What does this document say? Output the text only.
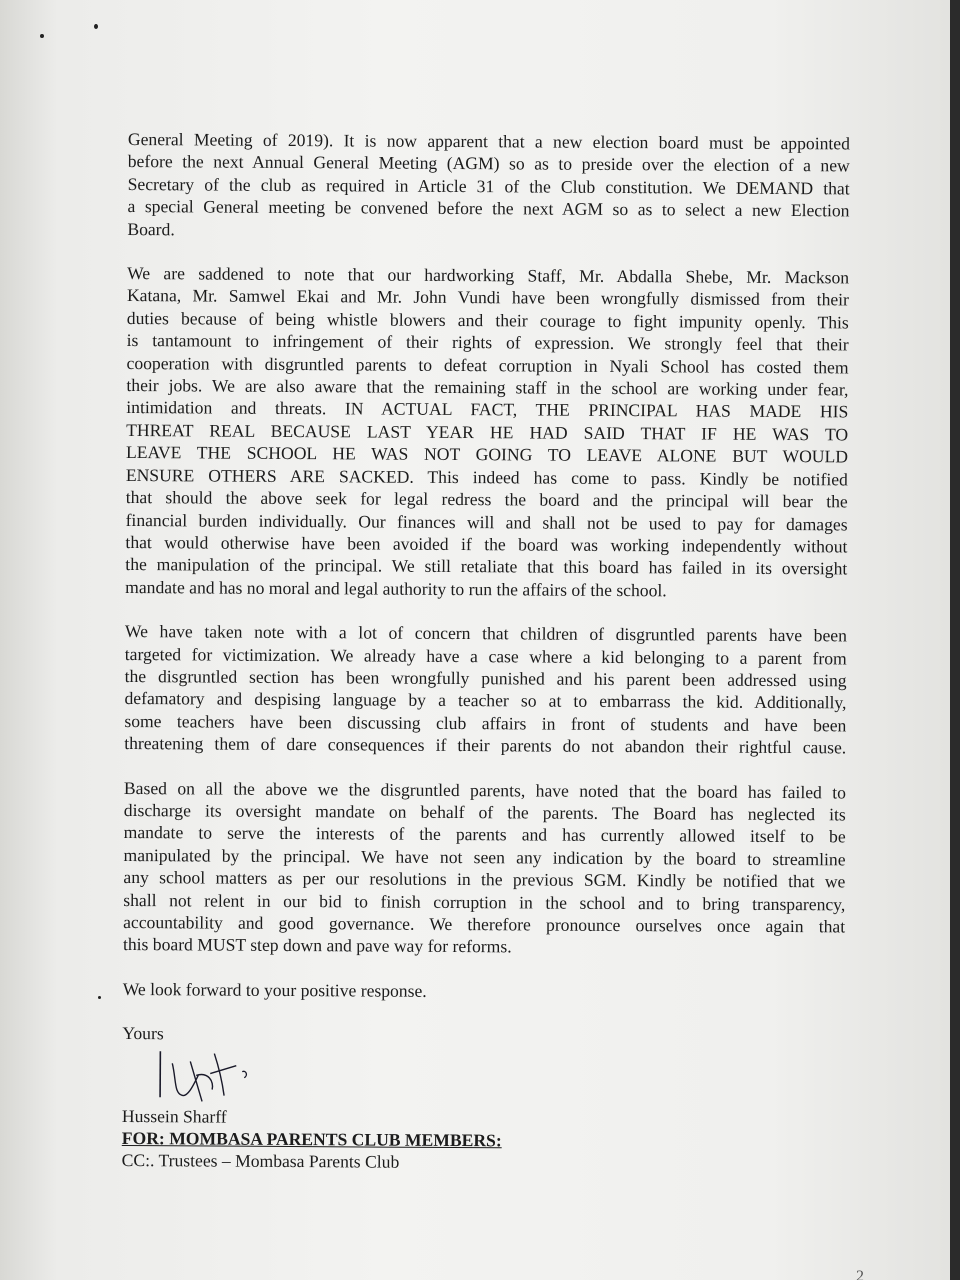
General Meeting of 2019). It is now apparent that a new election board must be appointed
before the next Annual General Meeting (AGM) so as to preside over the election of a new
Secretary of the club as required in Article 31 of the Club constitution. We DEMAND that
a special General meeting be convened before the next AGM so as to select a new Election
Board.
We are saddened to note that our hardworking Staff, Mr. Abdalla Shebe, Mr. Mackson
Katana, Mr. Samwel Ekai and Mr. John Vundi have been wrongfully dismissed from their
duties because of being whistle blowers and their courage to fight impunity openly. This
is tantamount to infringement of their rights of expression. We strongly feel that their
cooperation with disgruntled parents to defeat corruption in Nyali School has costed them
their jobs. We are also aware that the remaining staff in the school are working under fear,
intimidation and threats. IN ACTUAL FACT, THE PRINCIPAL HAS MADE HIS
THREAT REAL BECAUSE LAST YEAR HE HAD SAID THAT IF HE WAS TO
LEAVE THE SCHOOL HE WAS NOT GOING TO LEAVE ALONE BUT WOULD
ENSURE OTHERS ARE SACKED. This indeed has come to pass. Kindly be notified
that should the above seek for legal redress the board and the principal will bear the
financial burden individually. Our finances will and shall not be used to pay for damages
that would otherwise have been avoided if the board was working independently without
the manipulation of the principal. We still retaliate that this board has failed in its oversight
mandate and has no moral and legal authority to run the affairs of the school.
We have taken note with a lot of concern that children of disgruntled parents have been
targeted for victimization. We already have a case where a kid belonging to a parent from
the disgruntled section has been wrongfully punished and his parent been addressed using
defamatory and despising language by a teacher so at to embarrass the kid. Additionally,
some teachers have been discussing club affairs in front of students and have been
threatening them of dare consequences if their parents do not abandon their rightful cause.
Based on all the above we the disgruntled parents, have noted that the board has failed to
discharge its oversight mandate on behalf of the parents. The Board has neglected its
mandate to serve the interests of the parents and has currently allowed itself to be
manipulated by the principal. We have not seen any indication by the board to streamline
any school matters as per our resolutions in the previous SGM. Kindly be notified that we
shall not relent in our bid to finish corruption in the school and to bring transparency,
accountability and good governance. We therefore pronounce ourselves once again that
this board MUST step down and pave way for reforms.
We look forward to your positive response.
Yours
Hussein Sharff
FOR: MOMBASA PARENTS CLUB MEMBERS:
CC:. Trustees – Mombasa Parents Club
2
